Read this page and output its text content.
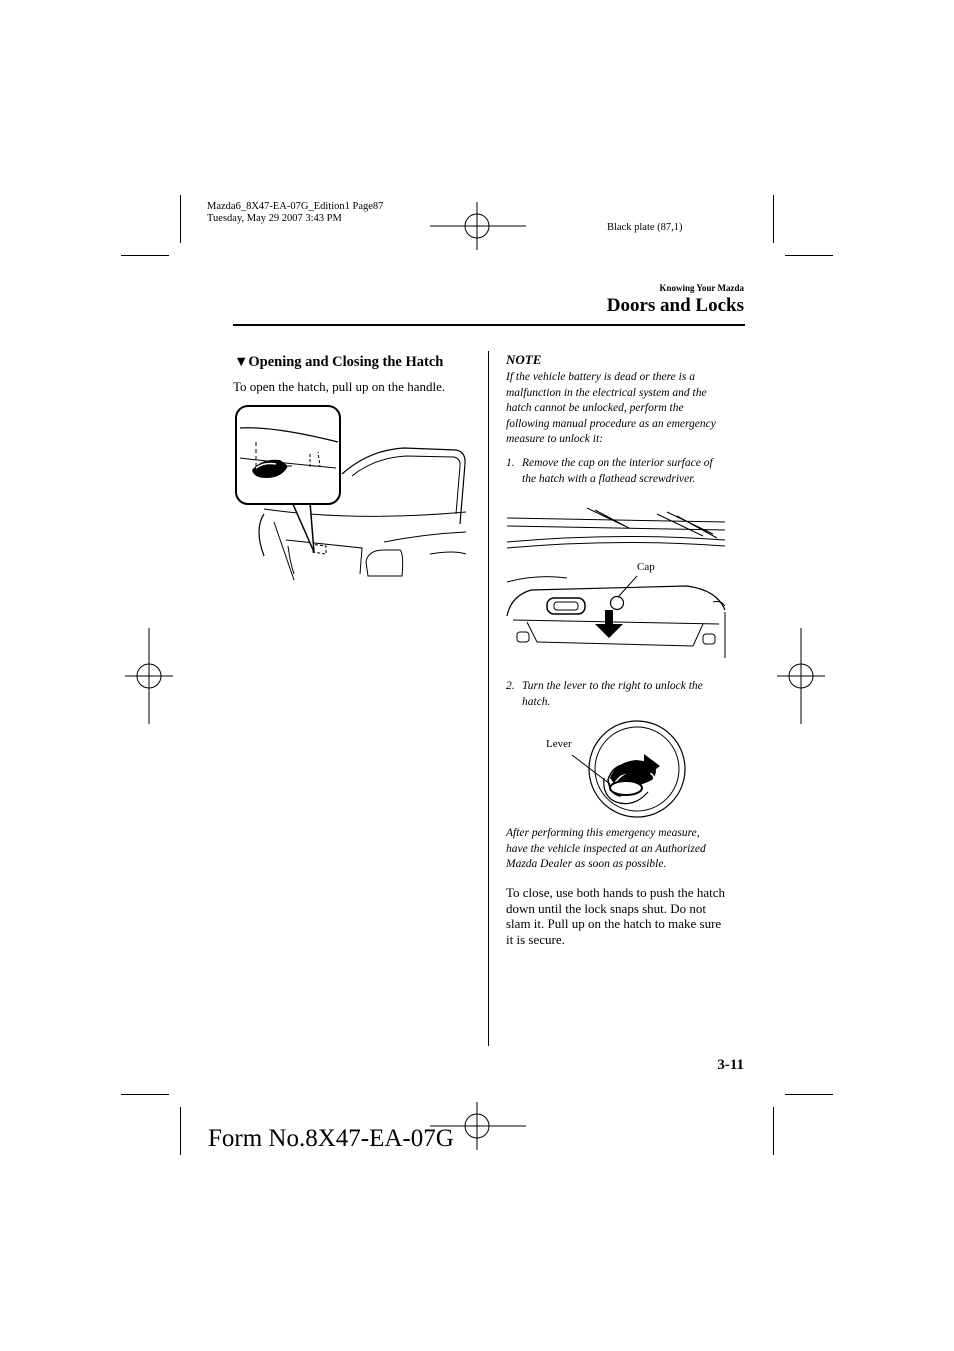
Mazda6_8X47-EA-07G_Edition1 Page87
Tuesday, May 29 2007 3:43 PM
Black plate (87,1)
Knowing Your Mazda
Doors and Locks
▼Opening and Closing the Hatch
To open the hatch, pull up on the handle.
NOTE
If the vehicle battery is dead or there is a
malfunction in the electrical system and the
hatch cannot be unlocked, perform the
following manual procedure as an emergency
measure to unlock it:
1. Remove the cap on the interior surface of
the hatch with a flathead screwdriver.
Cap
2. Turn the lever to the right to unlock the
hatch.
Lever
After performing this emergency measure,
have the vehicle inspected at an Authorized
Mazda Dealer as soon as possible.
To close, use both hands to push the hatch
down until the lock snaps shut. Do not
slam it. Pull up on the hatch to make sure
it is secure.
3-11
Form No.8X47-EA-07G
